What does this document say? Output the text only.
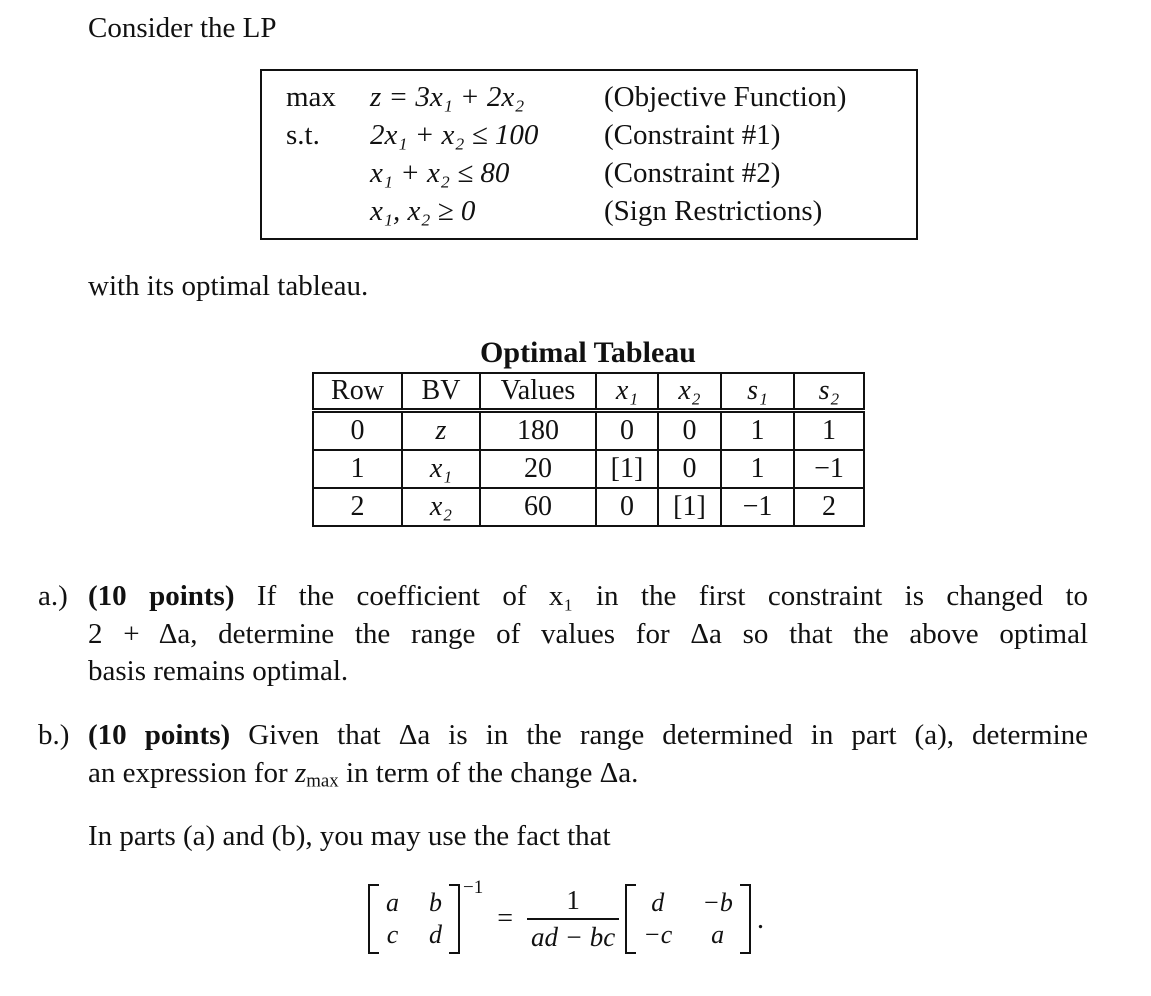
Consider the LP
max z = 3x₁ + 2x₂	(Objective Function)
s.t. 2x₁ + x₂ ≤ 100 (Constraint #1)
x₁ + x₂ ≤ 80	(Constraint #2)
x₁, x₂ ≥ 0	(Sign Restrictions)
with its optimal tableau.
Optimal Tableau
Row	BV	Values	x₁	x₂	s₁	s₂
0	z	180	0	0	1	1
1	x₁	20	[1]	0	1	−1
2	x₂	60	0	[1]	−1	2
a.) (10 points) If the coefficient of x₁ in the first constraint is changed to
2 + Δa, determine the range of values for Δa so that the above optimal
basis remains optimal.
b.) (10 points) Given that Δa is in the range determined in part (a), determine
an expression for $z_{max}$ in term of the change Δa.
In parts (a) and (b), you may use the fact that
a b
c d
−1
= $\frac{1}{ad - bc}$	d	−b
−c	a	.
